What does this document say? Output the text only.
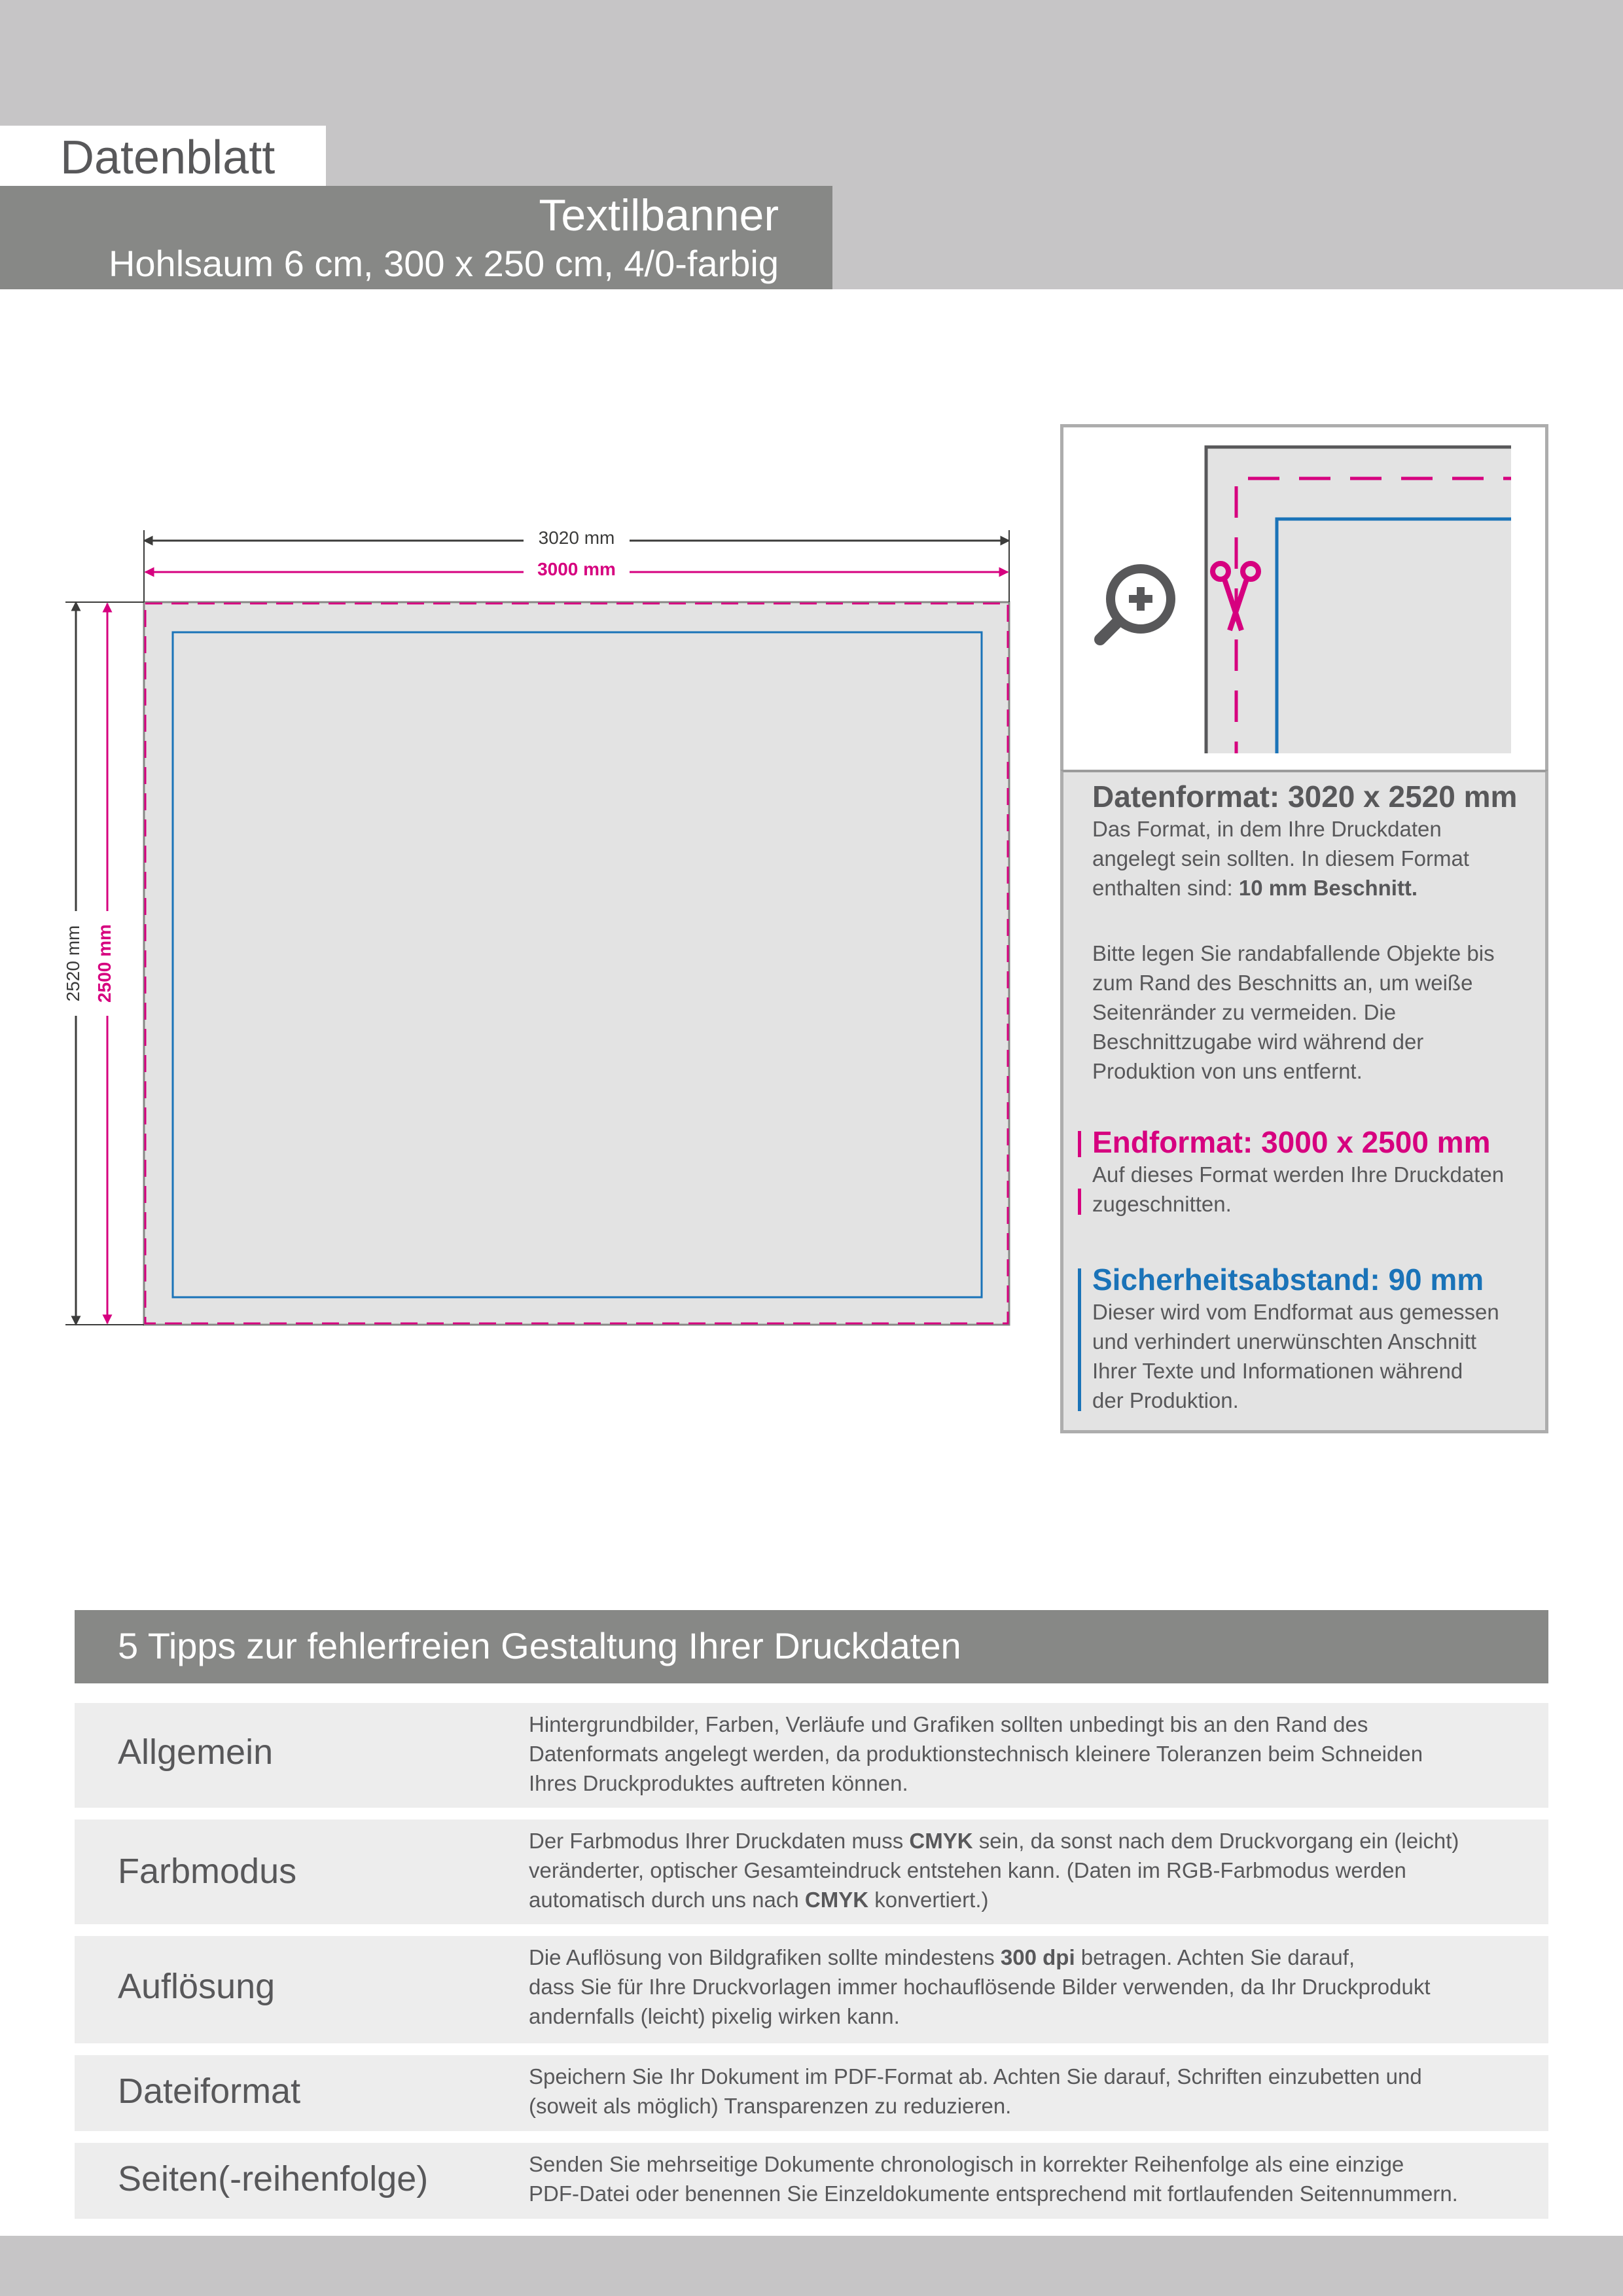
Datenblatt
Textilbanner
Hohlsaum 6 cm, 300 x 250 cm, 4/0-farbig
3020 mm
3000 mm
2520 mm 2500 mm
Datenformat: 3020 x 2520 mm
Das Format, in dem Ihre Druckdaten
angelegt sein sollten. In diesem Format
enthalten sind: 10 mm Beschnitt.
Bitte legen Sie randabfallende Objekte bis
zum Rand des Beschnitts an, um weiße
Seitenränder zu vermeiden. Die
Beschnittzugabe wird während der
Produktion von uns entfernt.
Endformat: 3000 x 2500 mm
Auf dieses Format werden Ihre Druckdaten
zugeschnitten.
Sicherheitsabstand: 90 mm
Dieser wird vom Endformat aus gemessen
und verhindert unerwünschten Anschnitt
Ihrer Texte und Informationen während
der Produktion.
5 Tipps zur fehlerfreien Gestaltung Ihrer Druckdaten
Allgemein
Hintergrundbilder, Farben, Verläufe und Grafiken sollten unbedingt bis an den Rand des
Datenformats angelegt werden, da produktionstechnisch kleinere Toleranzen beim Schneiden
Ihres Druckproduktes auftreten können.
Farbmodus
Der Farbmodus Ihrer Druckdaten muss CMYK sein, da sonst nach dem Druckvorgang ein (leicht)
veränderter, optischer Gesamteindruck entstehen kann. (Daten im RGB-Farbmodus werden
automatisch durch uns nach CMYK konvertiert.)
Auflösung
Die Auflösung von Bildgrafiken sollte mindestens 300 dpi betragen. Achten Sie darauf,
dass Sie für Ihre Druckvorlagen immer hochauflösende Bilder verwenden, da Ihr Druckprodukt
andernfalls (leicht) pixelig wirken kann.
Dateiformat	Speichern Sie Ihr Dokument im PDF-Format ab. Achten Sie darauf, Schriften einzubetten und
(soweit als möglich) Transparenzen zu reduzieren.
Seiten(-reihenfolge)	Senden Sie mehrseitige Dokumente chronologisch in korrekter Reihenfolge als eine einzige
PDF-Datei oder benennen Sie Einzeldokumente entsprechend mit fortlaufenden Seitennummern.
